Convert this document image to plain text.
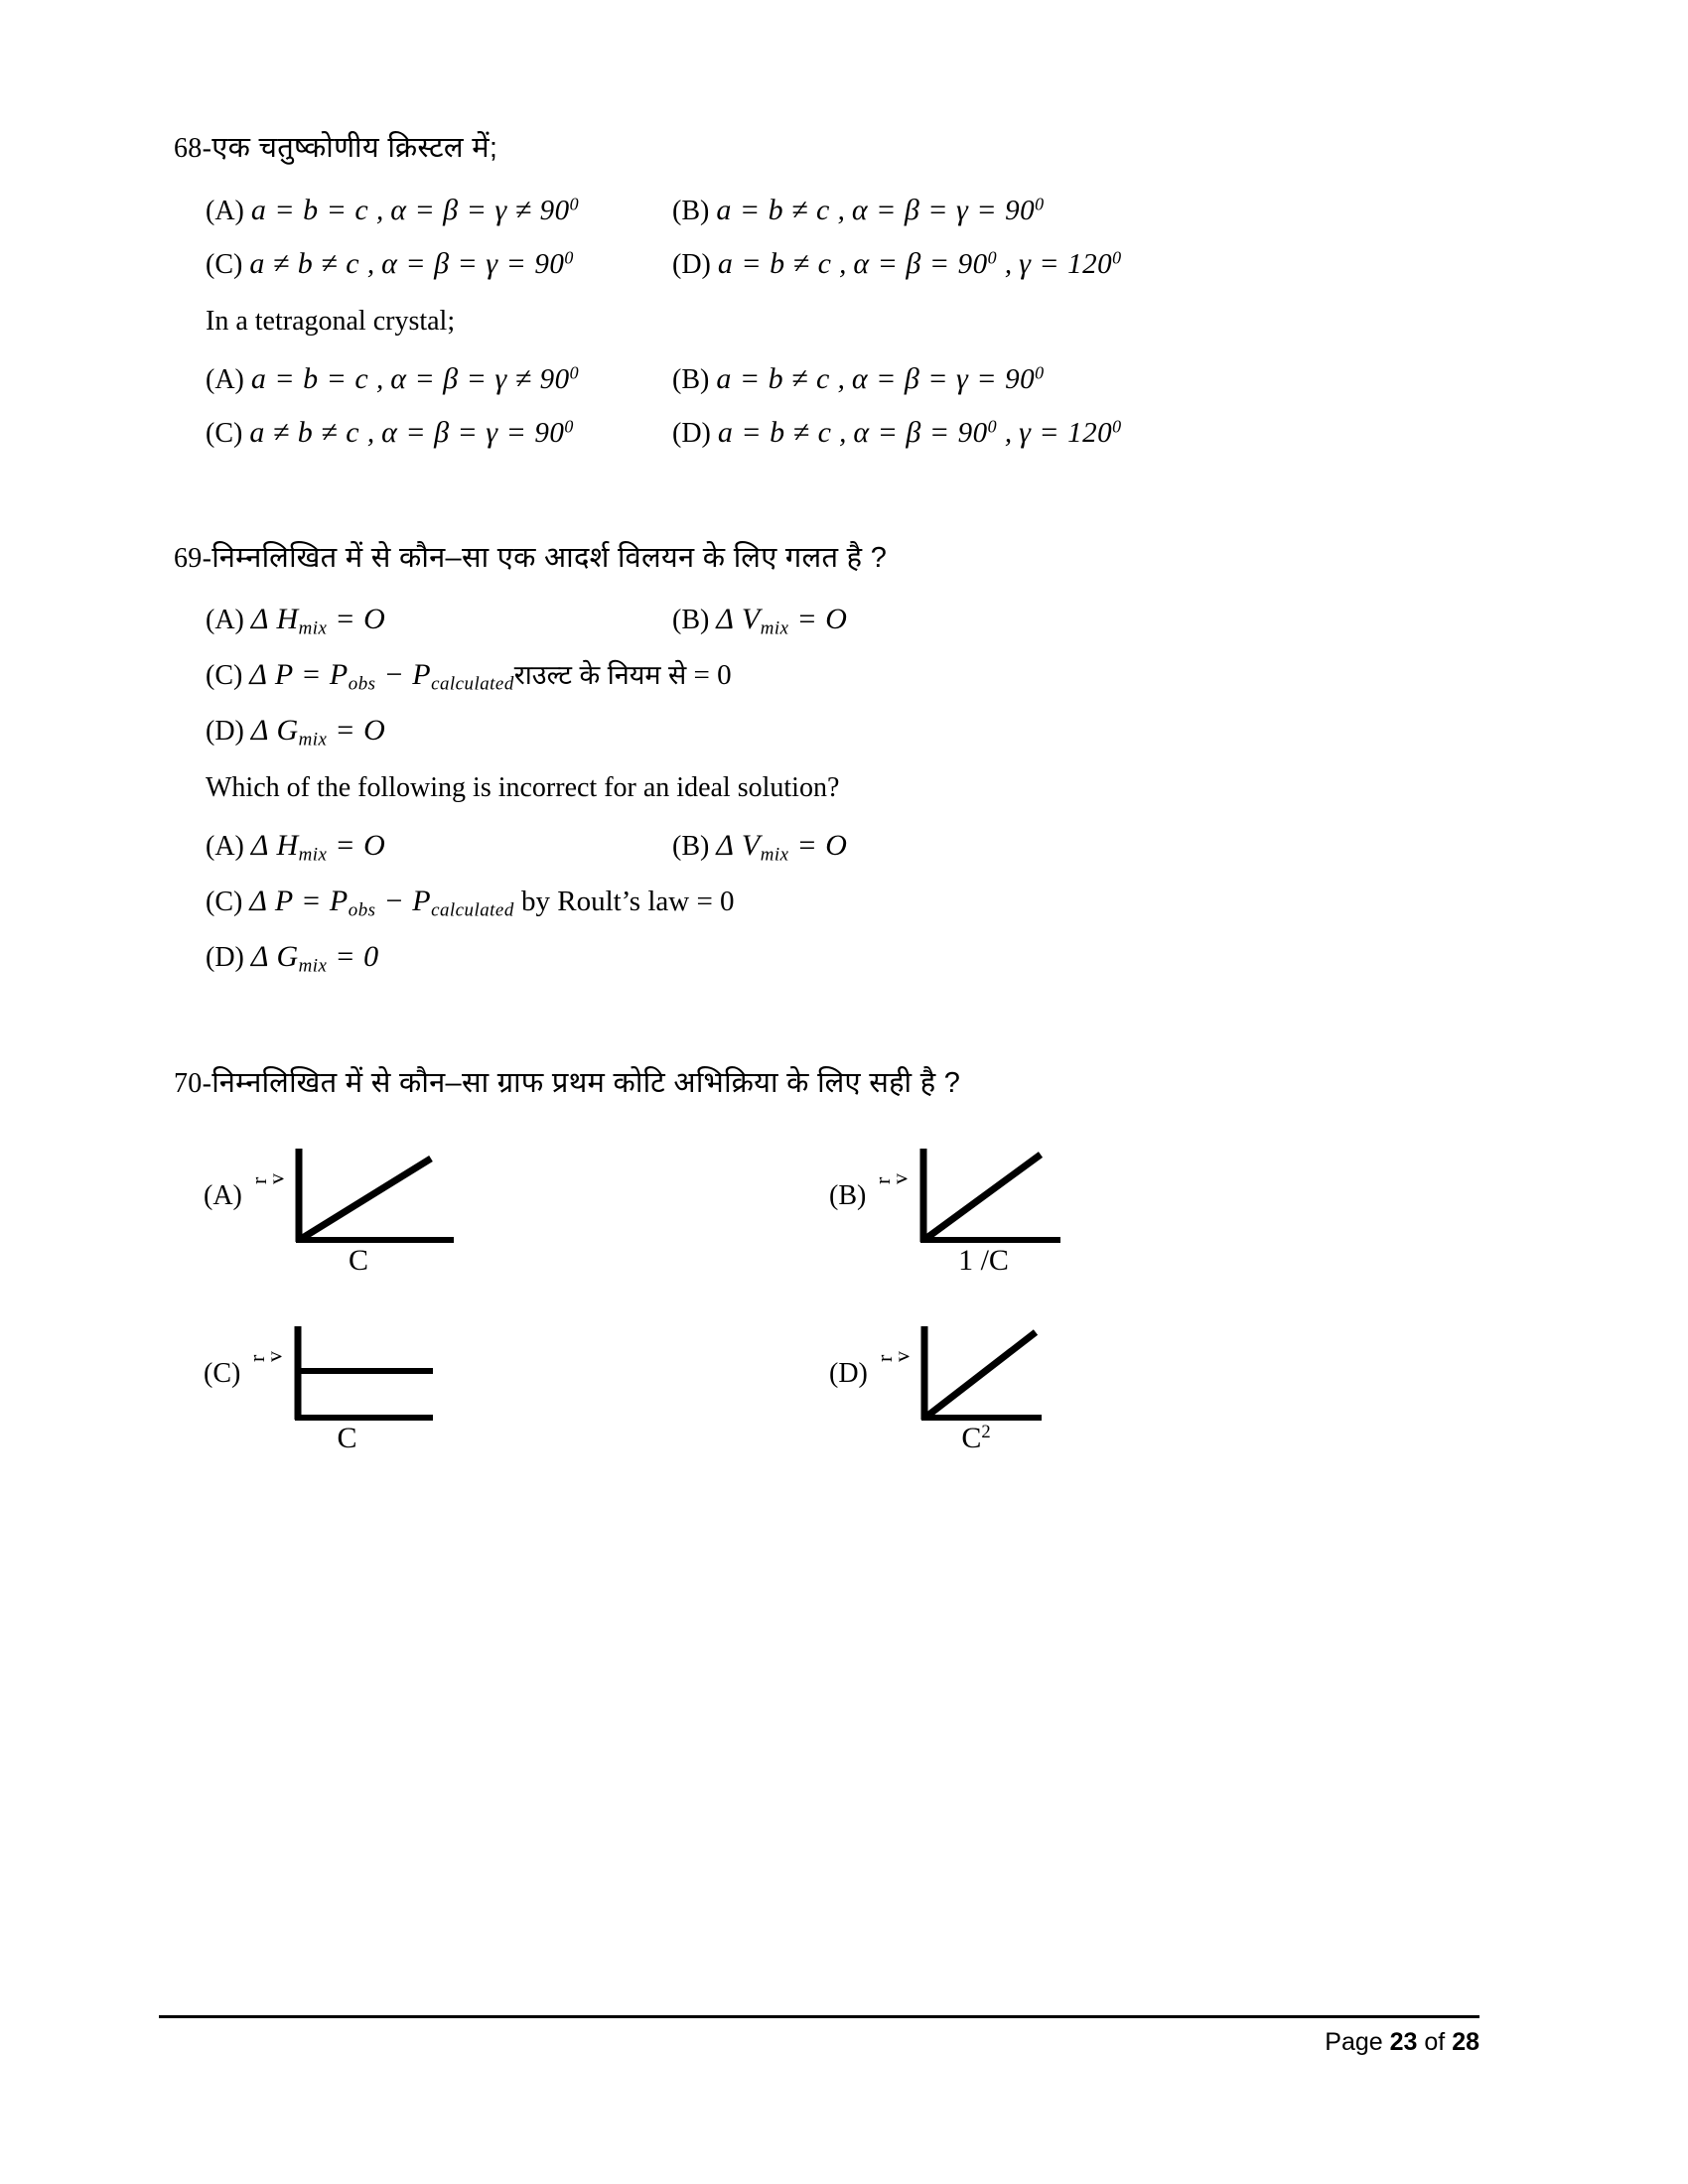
68-एक चतुष्कोणीय क्रिस्टल में;
(A) a = b = c , $\alpha = \beta = \gamma \ne 90^0$	(B) a = b ≠ c , $\alpha = \beta = \gamma = 90^0$
(C) a ≠ b ≠ c , $\alpha = \beta = \gamma = 90^0$	(D) a = b ≠ c , $\alpha = \beta = 90^0$ , $\gamma = 120^0$
In a tetragonal crystal;
(A) a = b = c , $\alpha = \beta = \gamma \ne 90^0$	(B) a = b ≠ c , $\alpha = \beta = \gamma = 90^0$
(C) a ≠ b ≠ c , $\alpha = \beta = \gamma = 90^0$	(D) a = b ≠ c , $\alpha = \beta = 90^0$ , $\gamma = 120^0$
69-निम्नलिखित में से कौन–सा एक आदर्श विलयन के लिए गलत है ?
(A) Δ $H_{mix} = O$	(B) Δ $V_{mix} = O$
(C) Δ $P = P_{obs}$ − $P_{calculated}राउल्ट$ के नियम से = 0
(D) Δ $G_{mix} = O$
Which of the following is incorrect for an ideal solution?
(A) Δ $H_{mix} = O$	(B) Δ $V_{mix} = O$
(C) Δ $P = P_{obs} - P_{calculated}$ by Roult’s law = 0
(D) Δ $G_{mix} = 0$
70-निम्नलिखित में से कौन–सा ग्राफ प्रथम कोटि अभिक्रिया के लिए सही है ?
(A) r
v
C
(B) r
v
1 /C
(C) r
v
C
(D) r
v
$C^2$
Page 23 of 28
